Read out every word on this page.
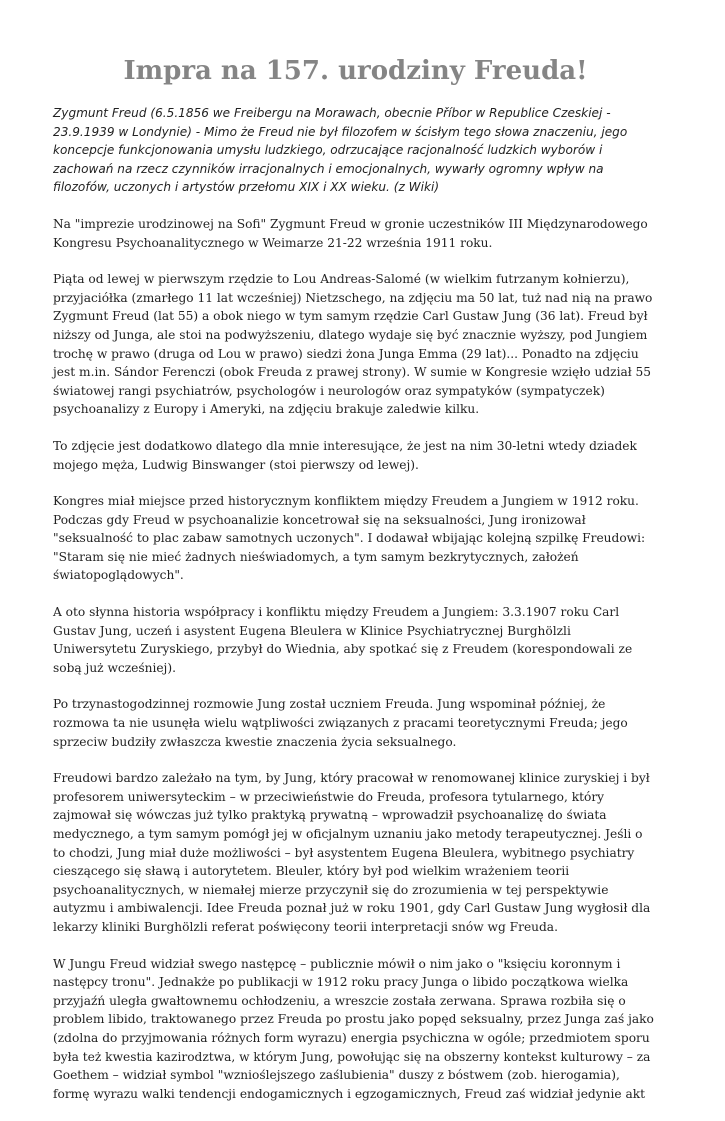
Impra na 157. urodziny Freuda!

Zygmunt Freud (6.5.1856 we Freibergu na Morawach, obecnie Příbor w Republice Czeskiej - 23.9.1939 w Londynie) - Mimo że Freud nie był filozofem w ścisłym tego słowa znaczeniu, jego koncepcje funkcjonowania umysłu ludzkiego, odrzucające racjonalność ludzkich wyborów i zachowań na rzecz czynników irracjonalnych i emocjonalnych, wywarły ogromny wpływ na filozofów, uczonych i artystów przełomu XIX i XX wieku. (z Wiki)

Na "imprezie urodzinowej na Sofi" Zygmunt Freud w gronie uczestników III Międzynarodowego Kongresu Psychoanalitycznego w Weimarze 21-22 września 1911 roku.

Piąta od lewej w pierwszym rzędzie to Lou Andreas-Salomé (w wielkim futrzanym kołnierzu), przyjaciółka (zmarłego 11 lat wcześniej) Nietzschego, na zdjęciu ma 50 lat, tuż nad nią na prawo Zygmunt Freud (lat 55) a obok niego w tym samym rzędzie Carl Gustaw Jung (36 lat). Freud był niższy od Junga, ale stoi na podwyższeniu, dlatego wydaje się być znacznie wyższy, pod Jungiem trochę w prawo (druga od Lou w prawo) siedzi żona Junga Emma (29 lat)... Ponadto na zdjęciu jest m.in. Sándor Ferenczi (obok Freuda z prawej strony). W sumie w Kongresie wzięło udział 55 światowej rangi psychiatrów, psychologów i neurologów oraz sympatyków (sympatyczek) psychoanalizy z Europy i Ameryki, na zdjęciu brakuje zaledwie kilku.

To zdjęcie jest dodatkowo dlatego dla mnie interesujące, że jest na nim 30-letni wtedy dziadek mojego męża, Ludwig Binswanger (stoi pierwszy od lewej).

Kongres miał miejsce przed historycznym konfliktem między Freudem a Jungiem w 1912 roku. Podczas gdy Freud w psychoanalizie koncetrował się na seksualności, Jung ironizował "seksualność to plac zabaw samotnych uczonych". I dodawał wbijając kolejną szpilkę Freudowi: "Staram się nie mieć żadnych nieświadomych, a tym samym bezkrytycznych, założeń światopoglądowych".

A oto słynna historia współpracy i konfliktu między Freudem a Jungiem: 3.3.1907 roku Carl Gustav Jung, uczeń i asystent Eugena Bleulera w Klinice Psychiatrycznej Burghölzli Uniwersytetu Zuryskiego, przybył do Wiednia, aby spotkać się z Freudem (korespondowali ze sobą już wcześniej).

Po trzynastogodzinnej rozmowie Jung został uczniem Freuda. Jung wspominał później, że rozmowa ta nie usunęła wielu wątpliwości związanych z pracami teoretycznymi Freuda; jego sprzeciw budziły zwłaszcza kwestie znaczenia życia seksualnego.

Freudowi bardzo zależało na tym, by Jung, który pracował w renomowanej klinice zuryskiej i był profesorem uniwersyteckim – w przeciwieństwie do Freuda, profesora tytularnego, który zajmował się wówczas już tylko praktyką prywatną – wprowadził psychoanalizę do świata medycznego, a tym samym pomógł jej w oficjalnym uznaniu jako metody terapeutycznej. Jeśli o to chodzi, Jung miał duże możliwości – był asystentem Eugena Bleulera, wybitnego psychiatry cieszącego się sławą i autorytetem. Bleuler, który był pod wielkim wrażeniem teorii psychoanalitycznych, w niemałej mierze przyczynił się do zrozumienia w tej perspektywie autyzmu i ambiwalencji. Idee Freuda poznał już w roku 1901, gdy Carl Gustaw Jung wygłosił dla lekarzy kliniki Burghölzli referat poświęcony teorii interpretacji snów wg Freuda.

W Jungu Freud widział swego następcę – publicznie mówił o nim jako o "księciu koronnym i następcy tronu". Jednakże po publikacji w 1912 roku pracy Junga o libido początkowa wielka przyjaźń uległa gwałtownemu ochłodzeniu, a wreszcie została zerwana. Sprawa rozbiła się o problem libido, traktowanego przez Freuda po prostu jako popęd seksualny, przez Junga zaś jako (zdolna do przyjmowania różnych form wyrazu) energia psychiczna w ogóle; przedmiotem sporu była też kwestia kazirodztwa, w którym Jung, powołując się na obszerny kontekst kulturowy – za Goethem – widział symbol "wznioślejszego zaślubienia" duszy z bóstwem (zob. hierogamia), formę wyrazu walki tendencji endogamicznych i egzogamicznych, Freud zaś widział jedynie akt
